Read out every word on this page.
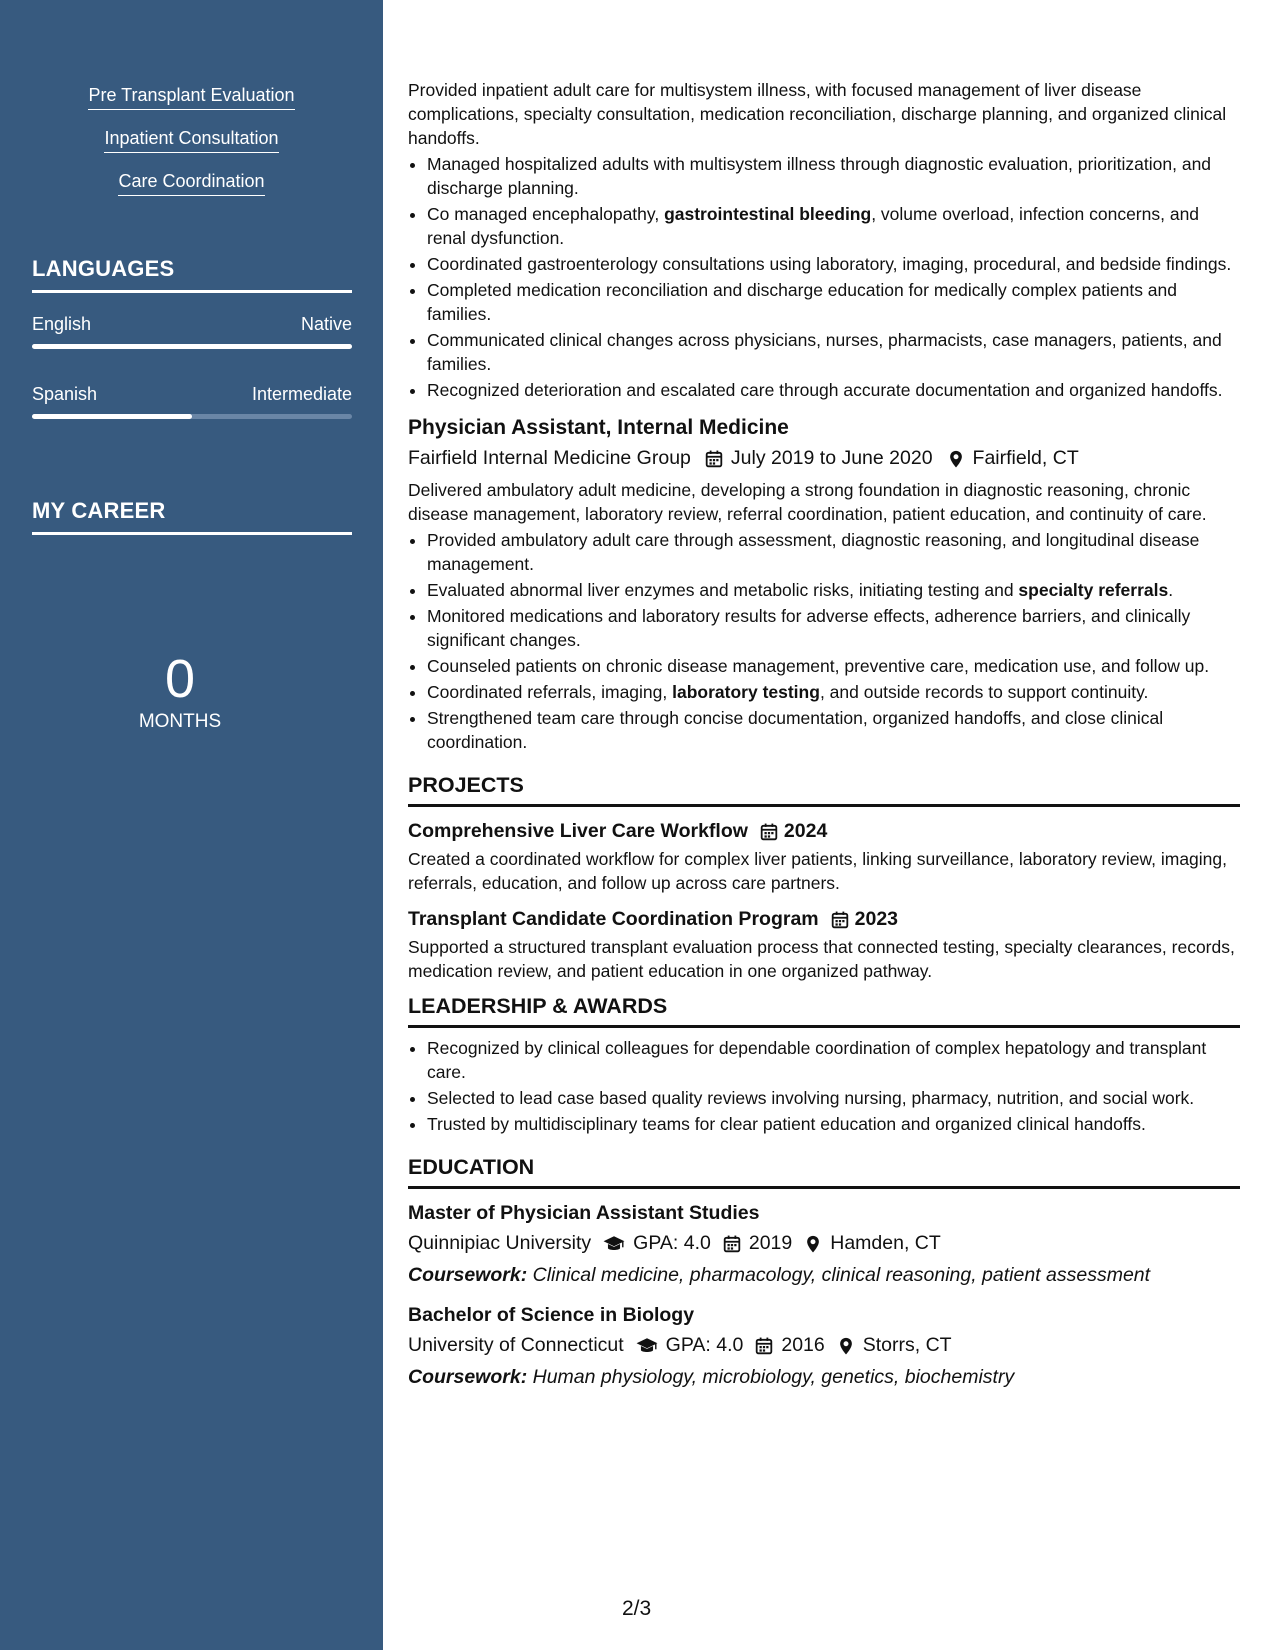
Pre Transplant Evaluation
Inpatient Consultation
Care Coordination
LANGUAGES
English	Native
Spanish	Intermediate
MY CAREER
0
MONTHS

Provided inpatient adult care for multisystem illness, with focused management of liver disease complications, specialty consultation, medication reconciliation, discharge planning, and organized clinical handoffs.

• Managed hospitalized adults with multisystem illness through diagnostic evaluation, prioritization, and discharge planning.
• Co managed encephalopathy, gastrointestinal bleeding, volume overload, infection concerns, and renal dysfunction.
• Coordinated gastroenterology consultations using laboratory, imaging, procedural, and bedside findings.
• Completed medication reconciliation and discharge education for medically complex patients and families.
• Communicated clinical changes across physicians, nurses, pharmacists, case managers, patients, and families.
• Recognized deterioration and escalated care through accurate documentation and organized handoffs.
Physician Assistant, Internal Medicine
Fairfield Internal Medicine Group July 2019 to June 2020 Fairfield, CT

Delivered ambulatory adult medicine, developing a strong foundation in diagnostic reasoning, chronic disease management, laboratory review, referral coordination, patient education, and continuity of care.

• Provided ambulatory adult care through assessment, diagnostic reasoning, and longitudinal disease management.
• Evaluated abnormal liver enzymes and metabolic risks, initiating testing and specialty referrals.
• Monitored medications and laboratory results for adverse effects, adherence barriers, and clinically significant changes.
• Counseled patients on chronic disease management, preventive care, medication use, and follow up.
• Coordinated referrals, imaging, laboratory testing, and outside records to support continuity.
• Strengthened team care through concise documentation, organized handoffs, and close clinical coordination.
PROJECTS
Comprehensive Liver Care Workflow 2024

Created a coordinated workflow for complex liver patients, linking surveillance, laboratory review, imaging, referrals, education, and follow up across care partners.

Transplant Candidate Coordination Program 2023

Supported a structured transplant evaluation process that connected testing, specialty clearances, records, medication review, and patient education in one organized pathway.

LEADERSHIP & AWARDS
• Recognized by clinical colleagues for dependable coordination of complex hepatology and transplant care.
• Selected to lead case based quality reviews involving nursing, pharmacy, nutrition, and social work.
• Trusted by multidisciplinary teams for clear patient education and organized clinical handoffs.
EDUCATION
Master of Physician Assistant Studies
Quinnipiac University GPA: 4.0 2019 Hamden, CT
Coursework: Clinical medicine, pharmacology, clinical reasoning, patient assessment
Bachelor of Science in Biology
University of Connecticut GPA: 4.0 2016 Storrs, CT
Coursework: Human physiology, microbiology, genetics, biochemistry
2/3
